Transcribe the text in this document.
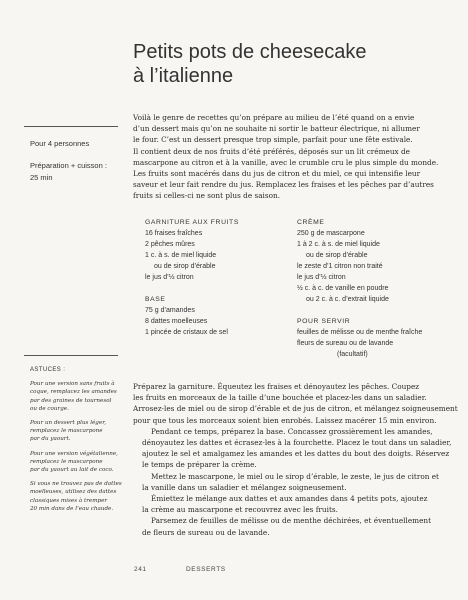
Petits pots de cheesecake
à l’italienne
Pour 4 personnes
Préparation + cuisson :
25 min
Voilà le genre de recettes qu’on prépare au milieu de l’été quand on a envie
d’un dessert mais qu’on ne souhaite ni sortir le batteur électrique, ni allumer
le four. C’est un dessert presque trop simple, parfait pour une fête estivale.
Il contient deux de nos fruits d’été préférés, déposés sur un lit crémeux de
mascarpone au citron et à la vanille, avec le crumble cru le plus simple du monde.
Les fruits sont macérés dans du jus de citron et du miel, ce qui intensifie leur
saveur et leur fait rendre du jus. Remplacez les fraises et les pêches par d’autres
fruits si celles-ci ne sont plus de saison.
GARNITURE AUX FRUITS
16 fraises fraîches
2 pêches mûres
1 c. à s. de miel liquide
ou de sirop d’érable
le jus d’½ citron
BASE
75 g d’amandes
8 dattes moelleuses
1 pincée de cristaux de sel
CRÈME
250 g de mascarpone
1 à 2 c. à s. de miel liquide
ou de sirop d’érable
le zeste d’1 citron non traité
le jus d’½ citron
½ c. à c. de vanille en poudre
ou 2 c. à c. d’extrait liquide
POUR SERVIR
feuilles de mélisse ou de menthe fraîche
fleurs de sureau ou de lavande
(facultatif)

ASTUCES :

Pour une version sans fruits à
coque, remplacez les amandes
par des graines de tournesol
ou de courge.

Pour un dessert plus léger,
remplacez le mascarpone
par du yaourt.

Pour une version végétalienne,
remplacez le mascarpone
par du yaourt au lait de coco.

Si vous ne trouvez pas de dattes
moelleuses, utilisez des dattes
classiques mises à tremper
20 min dans de l’eau chaude.

Préparez la garniture. Équeutez les fraises et dénoyautez les pêches. Coupez
les fruits en morceaux de la taille d’une bouchée et placez-les dans un saladier.
Arrosez-les de miel ou de sirop d’érable et de jus de citron, et mélangez soigneusement
pour que tous les morceaux soient bien enrobés. Laissez macérer 15 min environ.

Pendant ce temps, préparez la base. Concassez grossièrement les amandes,
dénoyautez les dattes et écrasez-les à la fourchette. Placez le tout dans un saladier,
ajoutez le sel et amalgamez les amandes et les dattes du bout des doigts. Réservez
le temps de préparer la crème.

Mettez le mascarpone, le miel ou le sirop d’érable, le zeste, le jus de citron et
la vanille dans un saladier et mélangez soigneusement.

Émiettez le mélange aux dattes et aux amandes dans 4 petits pots, ajoutez
la crème au mascarpone et recouvrez avec les fruits.

Parsemez de feuilles de mélisse ou de menthe déchirées, et éventuellement
de fleurs de sureau ou de lavande.

241	DESSERTS
